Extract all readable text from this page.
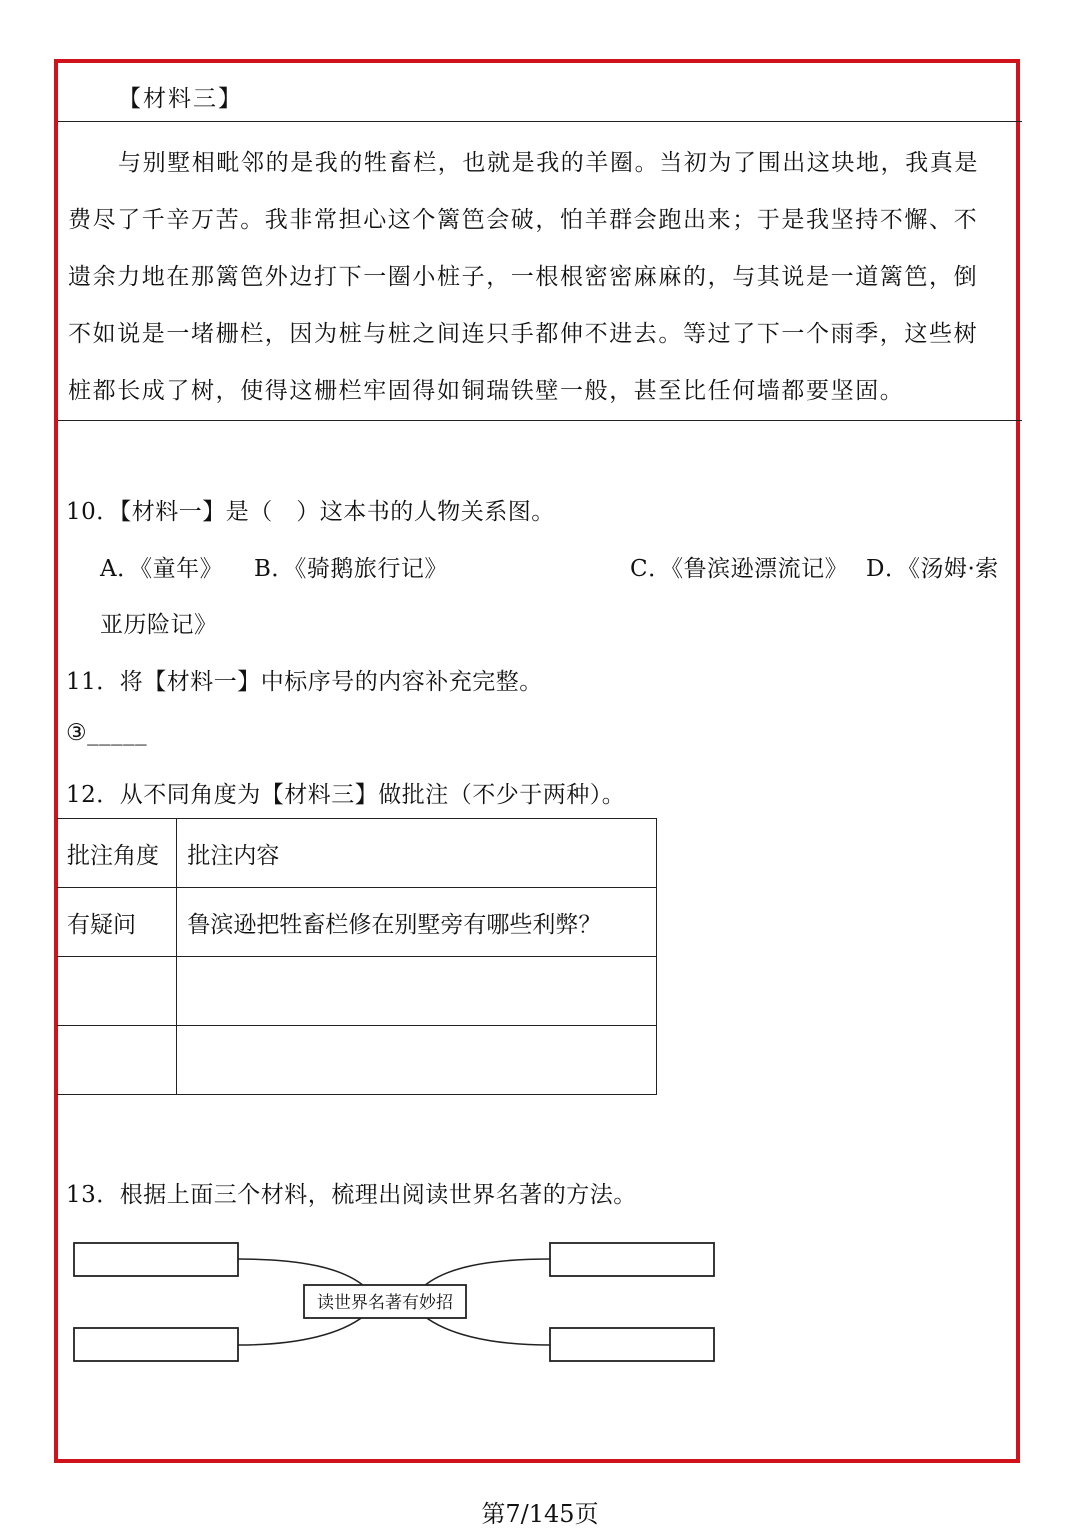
【材料三】
与别墅相毗邻的是我的牲畜栏，也就是我的羊圈。当初为了围出这块地，我真是
费尽了千辛万苦。我非常担心这个篱笆会破，怕羊群会跑出来；于是我坚持不懈、不
遗余力地在那篱笆外边打下一圈小桩子，一根根密密麻麻的，与其说是一道篱笆，倒
不如说是一堵栅栏，因为桩与桩之间连只手都伸不进去。等过了下一个雨季，这些树
桩都长成了树，使得这栅栏牢固得如铜瑞铁壁一般，甚至比任何墙都要坚固。
10．【材料一】是（　）这本书的人物关系图。
A．《童年》 B．《骑鹅旅行记》	C．《鲁滨逊漂流记》 D．《汤姆·索
亚历险记》
11．将【材料一】中标序号的内容补充完整。
③_____
12．从不同角度为【材料三】做批注（不少于两种）。
批注角度	批注内容
有疑问	鲁滨逊把牲畜栏修在别墅旁有哪些利弊？

13．根据上面三个材料，梳理出阅读世界名著的方法。
读世界名著有妙招
第7/145页
